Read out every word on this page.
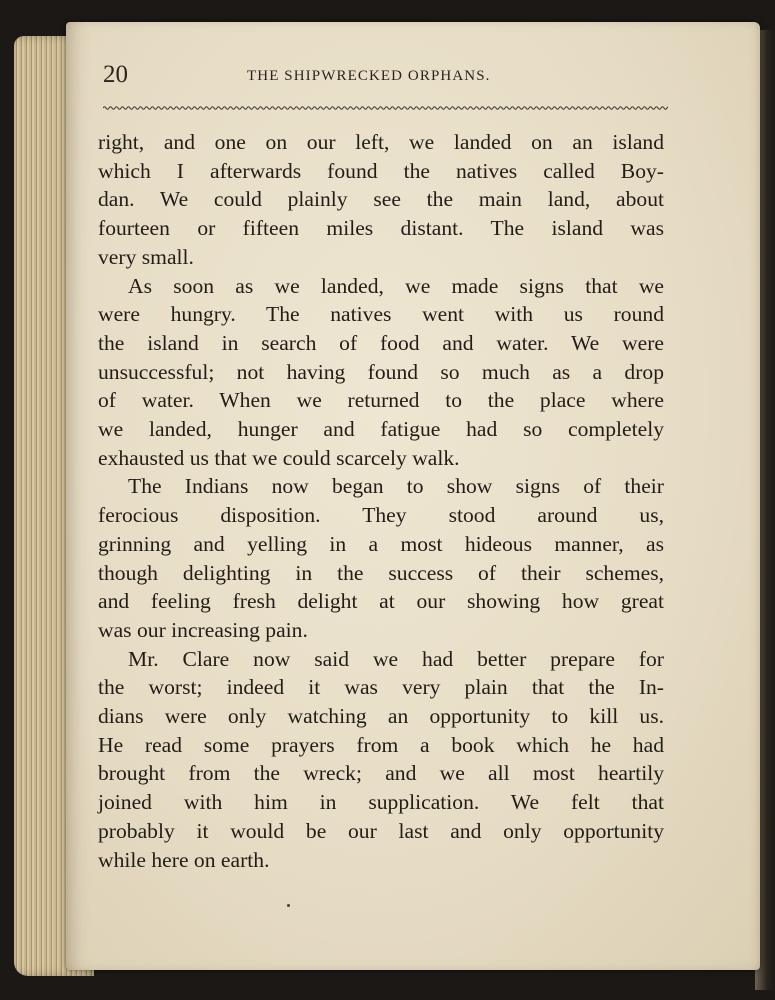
20	THE SHIPWRECKED ORPHANS.
right, and one on our left, we landed on an island
which I afterwards found the natives called Boy-
dan. We could plainly see the main land, about
fourteen or fifteen miles distant. The island was
very small.
As soon as we landed, we made signs that we
were hungry. The natives went with us round
the island in search of food and water. We were
unsuccessful; not having found so much as a drop
of water. When we returned to the place where
we landed, hunger and fatigue had so completely
exhausted us that we could scarcely walk.
The Indians now began to show signs of their
ferocious disposition. They stood around us,
grinning and yelling in a most hideous manner, as
though delighting in the success of their schemes,
and feeling fresh delight at our showing how great
was our increasing pain.
Mr. Clare now said we had better prepare for
the worst; indeed it was very plain that the In-
dians were only watching an opportunity to kill us.
He read some prayers from a book which he had
brought from the wreck; and we all most heartily
joined with him in supplication. We felt that
probably it would be our last and only opportunity
while here on earth.
